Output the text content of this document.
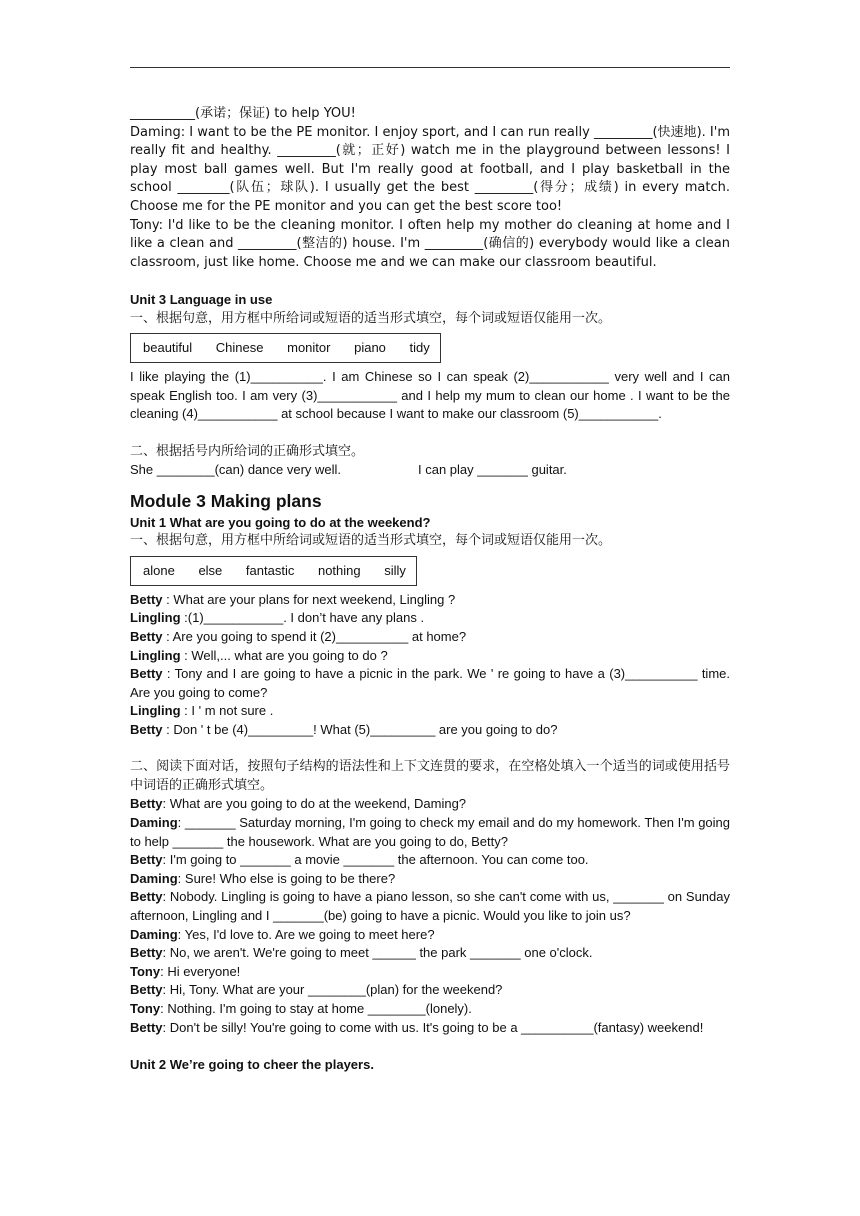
__________(承诺；保证) to help YOU!

Daming: I want to be the PE monitor. I enjoy sport, and I can run really _________(快速地). I'm really fit and healthy. _________(就；正好) watch me in the playground between lessons! I play most ball games well. But I'm really good at football, and I play basketball in the school ________(队伍；球队). I usually get the best _________(得分；成绩) in every match. Choose me for the PE monitor and you can get the best score too!

Tony: I'd like to be the cleaning monitor. I often help my mother do cleaning at home and I like a clean and _________(整洁的) house. I'm _________(确信的) everybody would like a clean classroom, just like home. Choose me and we can make our classroom beautiful.

Unit 3 Language in use

一、根据句意，用方框中所给词或短语的适当形式填空，每个词或短语仅能用一次。

beautiful Chinese monitor piano tidy

I like playing the (1)__________. I am Chinese so I can speak (2)___________ very well and I can speak English too. I am very (3)___________ and I help my mum to clean our home . I want to be the cleaning (4)___________ at school because I want to make our classroom (5)___________.

二、根据括号内所给词的正确形式填空。

She ________(can) dance very well.	I can play _______ guitar.

Module 3 Making plans

Unit 1 What are you going to do at the weekend?

一、根据句意，用方框中所给词或短语的适当形式填空，每个词或短语仅能用一次。

alone else fantastic nothing silly

Betty : What are your plans for next weekend, Lingling ?

Lingling :(1)___________. I don’t have any plans .

Betty : Are you going to spend it (2)__________ at home?

Lingling : Well,... what are you going to do ?

Betty : Tony and I are going to have a picnic in the park. We ' re going to have a (3)__________ time. Are you going to come?

Lingling : I ' m not sure .

Betty : Don ' t be (4)_________! What (5)_________ are you going to do?

二、阅读下面对话，按照句子结构的语法性和上下文连贯的要求，在空格处填入一个适当的词或使用括号中词语的正确形式填空。

Betty: What are you going to do at the weekend, Daming?

Daming: _______ Saturday morning, I'm going to check my email and do my homework. Then I'm going to help _______ the housework. What are you going to do, Betty?

Betty: I'm going to _______ a movie _______ the afternoon. You can come too.

Daming: Sure! Who else is going to be there?

Betty: Nobody. Lingling is going to have a piano lesson, so she can't come with us, _______ on Sunday afternoon, Lingling and I _______(be) going to have a picnic. Would you like to join us?

Daming: Yes, I'd love to. Are we going to meet here?

Betty: No, we aren't. We're going to meet ______ the park _______ one o'clock.

Tony: Hi everyone!

Betty: Hi, Tony. What are your ________(plan) for the weekend?

Tony: Nothing. I'm going to stay at home ________(lonely).

Betty: Don't be silly! You're going to come with us. It's going to be a __________(fantasy) weekend!

Unit 2 We’re going to cheer the players.
